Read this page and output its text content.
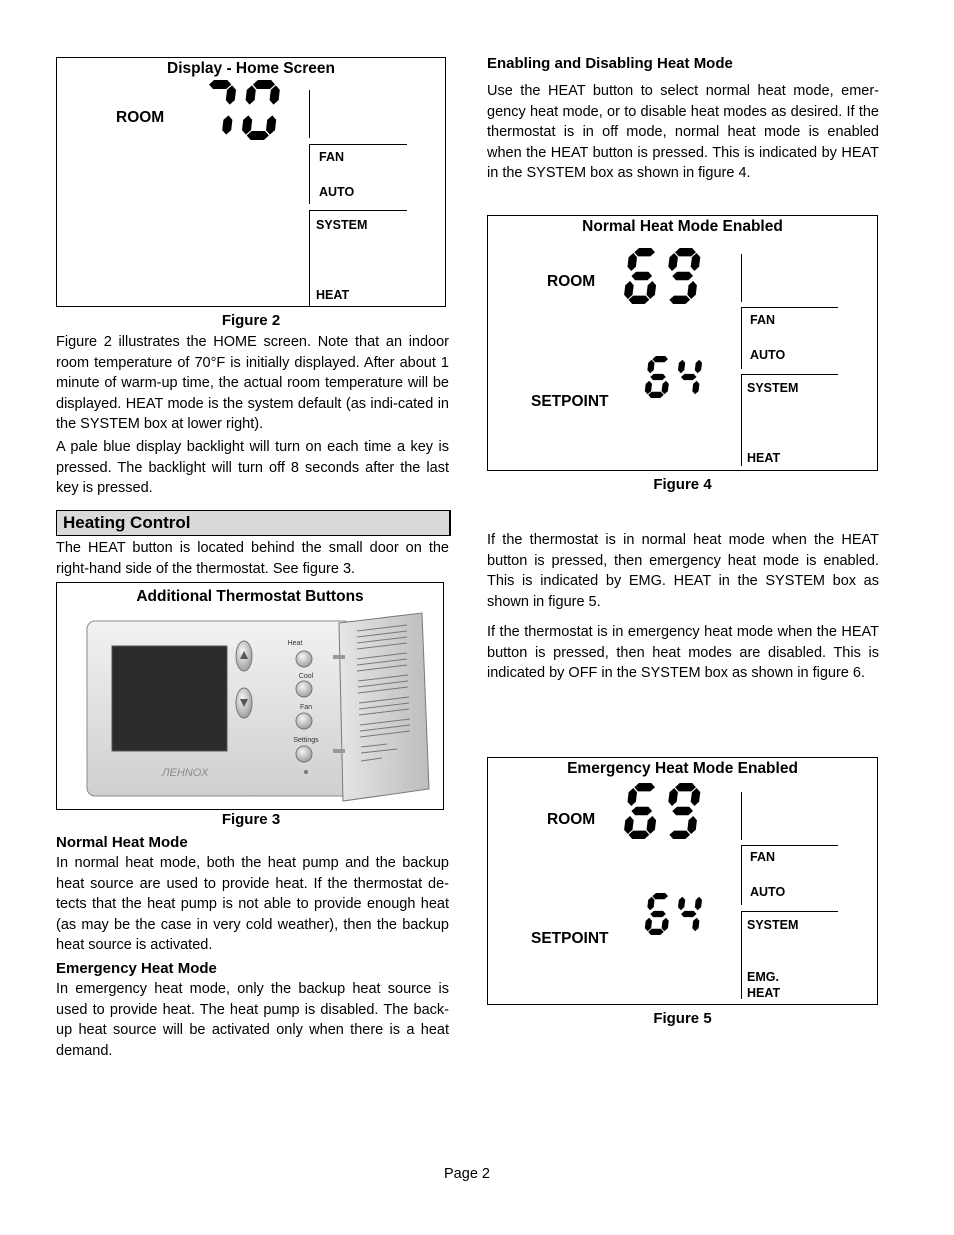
Display - Home Screen
ROOM
FAN
AUTO
SYSTEM
HEAT
Figure 2

Figure 2 illustrates the HOME screen. Note that an indoor room temperature of 70°F is initially displayed. After about 1 minute of warm-up time, the actual room temperature will be displayed. HEAT mode is the system default (as indi-cated in the SYSTEM box at lower right).

A pale blue display backlight will turn on each time a key is pressed. The backlight will turn off 8 seconds after the last key is pressed.

Heating Control

The HEAT button is located behind the small door on the right-hand side of the thermostat. See figure 3.

Additional Thermostat Buttons
ЛЕНNОХ
Heat
Cool
Fan
Settings
Figure 3
Normal Heat Mode

In normal heat mode, both the heat pump and the backup heat source are used to provide heat. If the thermostat de-tects that the heat pump is not able to provide enough heat (as may be the case in very cold weather), then the backup heat source is activated.

Emergency Heat Mode

In emergency heat mode, only the backup heat source is used to provide heat. The heat pump is disabled. The back-up heat source will be activated only when there is a heat demand.

Enabling and Disabling Heat Mode

Use the HEAT button to select normal heat mode, emer-gency heat mode, or to disable heat modes as desired. If the thermostat is in off mode, normal heat mode is enabled when the HEAT button is pressed. This is indicated by HEAT in the SYSTEM box as shown in figure 4.

Normal Heat Mode Enabled
ROOM
SETPOINT
FAN
AUTO
SYSTEM
HEAT
Figure 4

If the thermostat is in normal heat mode when the HEAT button is pressed, then emergency heat mode is enabled. This is indicated by EMG. HEAT in the SYSTEM box as shown in figure 5.

If the thermostat is in emergency heat mode when the HEAT button is pressed, then heat modes are disabled. This is indicated by OFF in the SYSTEM box as shown in figure 6.

Emergency Heat Mode Enabled
ROOM
SETPOINT
FAN
AUTO
SYSTEM
EMG.
HEAT
Figure 5
Page 2
